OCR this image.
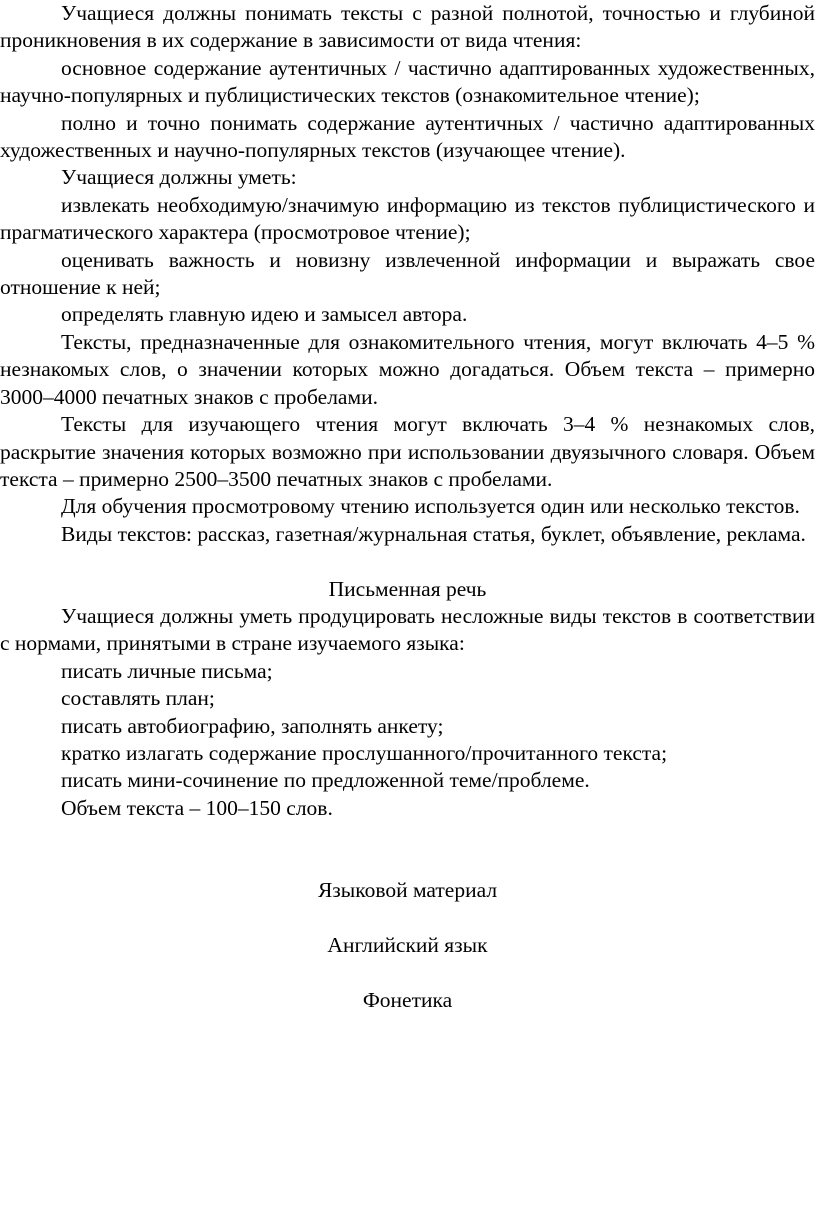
Учащиеся должны понимать тексты с разной полнотой, точностью и глубиной проникновения в их содержание в зависимости от вида чтения:

основное содержание аутентичных / частично адаптированных художественных, научно-популярных и публицистических текстов (ознакомительное чтение);

полно и точно понимать содержание аутентичных / частично адаптированных художественных и научно-популярных текстов (изучающее чтение).

Учащиеся должны уметь:

извлекать необходимую/значимую информацию из текстов публицистического и прагматического характера (просмотровое чтение);

оценивать важность и новизну извлеченной информации и выражать свое отношение к ней;

определять главную идею и замысел автора.

Тексты, предназначенные для ознакомительного чтения, могут включать 4–5 % незнакомых слов, о значении которых можно догадаться. Объем текста – примерно 3000–4000 печатных знаков с пробелами.

Тексты для изучающего чтения могут включать 3–4 % незнакомых слов, раскрытие значения которых возможно при использовании двуязычного словаря. Объем текста – примерно 2500–3500 печатных знаков с пробелами.

Для обучения просмотровому чтению используется один или несколько текстов.

Виды текстов: рассказ, газетная/журнальная статья, буклет, объявление, реклама.

Письменная речь

Учащиеся должны уметь продуцировать несложные виды текстов в соответствии с нормами, принятыми в стране изучаемого языка:

писать личные письма;

составлять план;

писать автобиографию, заполнять анкету;

кратко излагать содержание прослушанного/прочитанного текста;

писать мини-сочинение по предложенной теме/проблеме.

Объем текста – 100–150 слов.

Языковой материал

Английский язык

Фонетика
